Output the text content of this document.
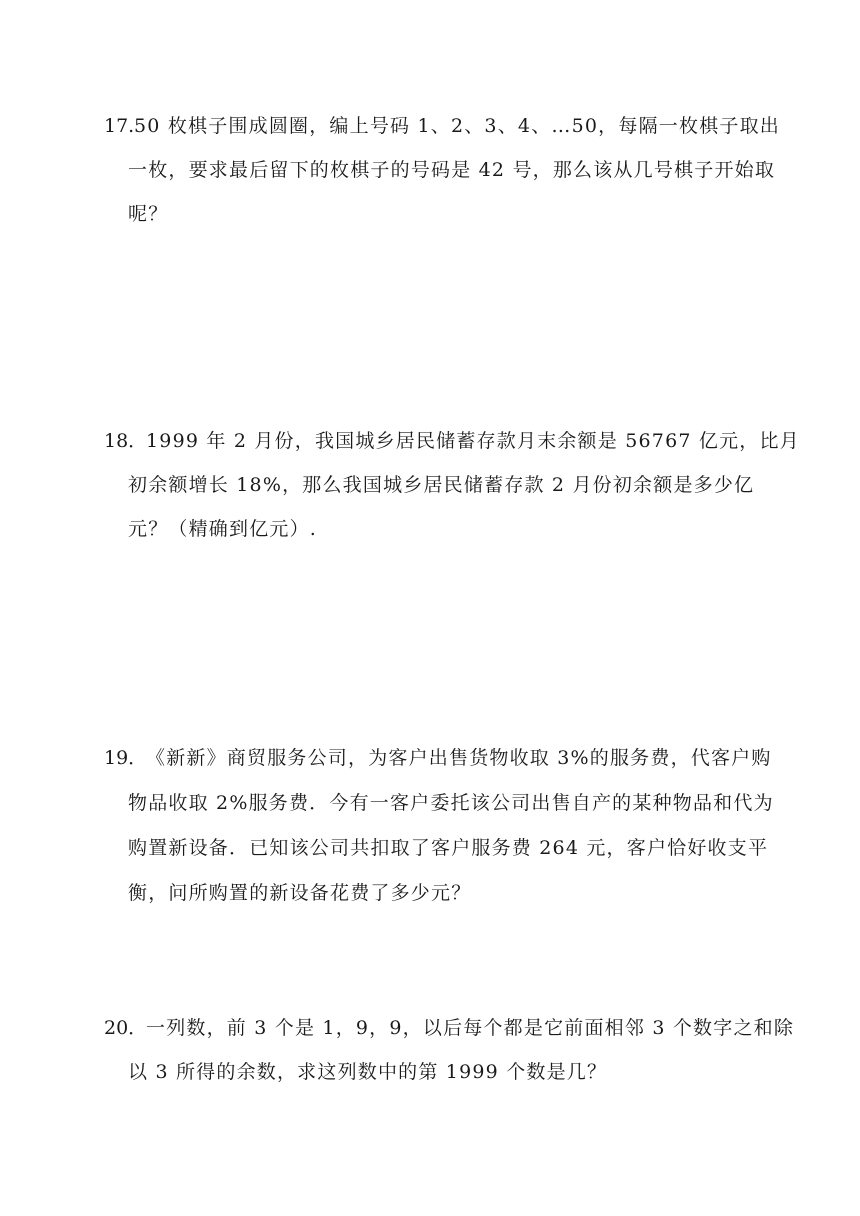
17. 50 枚棋子围成圆圈，编上号码 1、2、3、4、…50，每隔一枚棋子取出
一枚，要求最后留下的枚棋子的号码是 42 号，那么该从几号棋子开始取
呢？
18．
1999 年 2 月份，我国城乡居民储蓄存款月末余额是 56767 亿元，比月
初余额增长 18%，那么我国城乡居民储蓄存款 2 月份初余额是多少亿
元？（精确到亿元）.
19．
《新新》商贸服务公司，为客户出售货物收取 3%的服务费，代客户购
物品收取 2%服务费．今有一客户委托该公司出售自产的某种物品和代为
购置新设备．已知该公司共扣取了客户服务费 264 元，客户恰好收支平
衡，问所购置的新设备花费了多少元？
20．
一列数，前 3 个是 1，9，9，以后每个都是它前面相邻 3 个数字之和除
以 3 所得的余数，求这列数中的第 1999 个数是几？
